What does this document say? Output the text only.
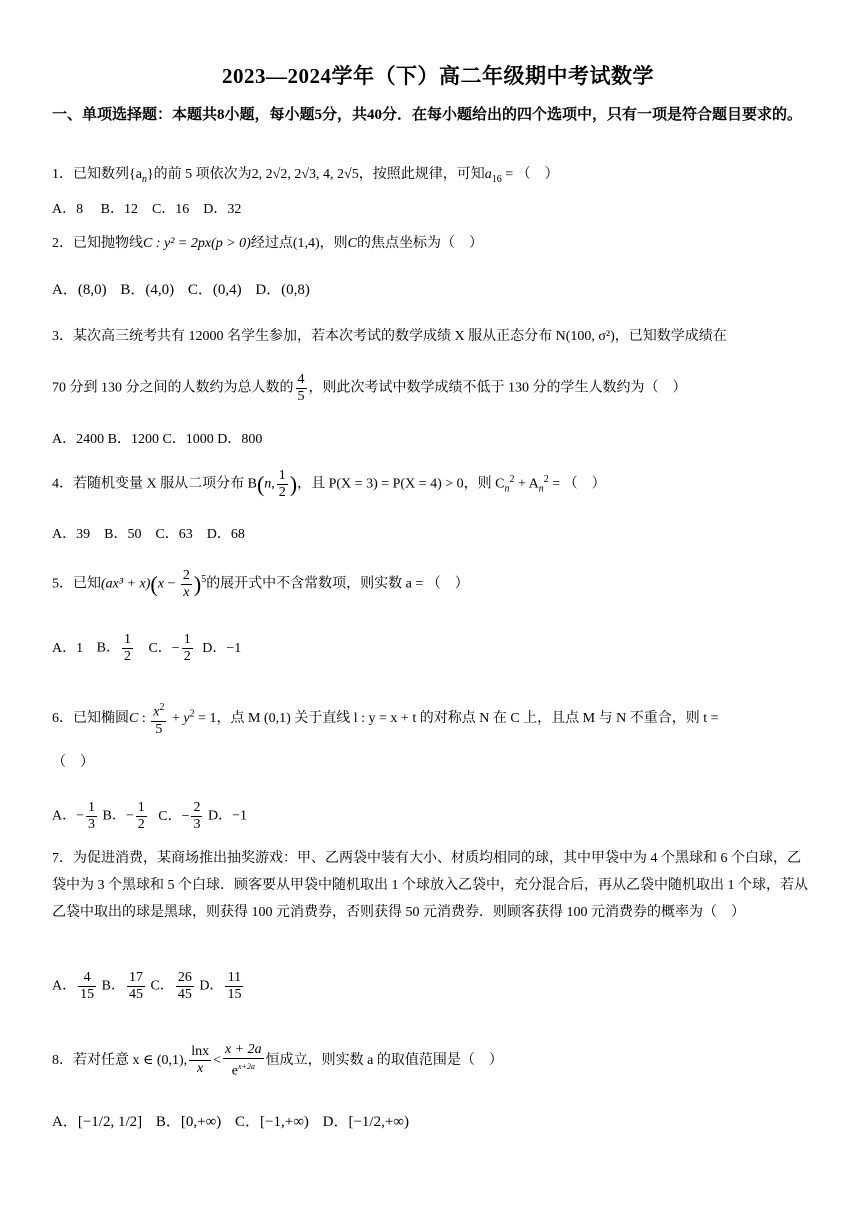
2023—2024学年（下）高二年级期中考试数学
一、单项选择题：本题共8小题，每小题5分，共40分．在每小题给出的四个选项中，只有一项是符合题目要求的。
1．已知数列$\{a_n\}$的前 5 项依次为2, 2√2, 2√3, 4, 2√5，按照此规律，可知$a_{16}$ = （　）
A．8　 B．12　C．16　D．32
2．已知抛物线C : y² = 2px(p > 0)经过点(1,4)，则C的焦点坐标为（　）
A．(8,0) B．(4,0) C．(0,4) D．(0,8)
3．某次高三统考共有 12000 名学生参加，若本次考试的数学成绩 X 服从正态分布 N(100, σ²)，已知数学成绩在
70 分到 130 分之间的人数约为总人数的 $\frac{4}{5}$ ，则此次考试中数学成绩不低于 130 分的学生人数约为（　）
A．2400 B．1200 C．1000 D．800
4．若随机变量 X 服从二项分布 B(n, $\frac{1}{2}$ )，且 P(X = 3) = P(X = 4) > 0，则 $C_n^2 + A_n^2$ = （　）
A．39　B．50　C．63　D．68
5．已知$(ax^3 + x)(x - \frac{2}{x} )^5$的展开式中不含常数项，则实数 a = （　）
A．1 B． $\frac{1}{2}$ C．− $\frac{1}{2}$ D．−1
6．已知椭圆C : $\frac{x^2}{5} + y^2 = 1$，点 M (0,1) 关于直线 l : y = x + t 的对称点 N 在 C 上，且点 M 与 N 不重合，则 t =
（　）
A．− $\frac{1}{3}$ B．− $\frac{1}{2}$ C．− $\frac{2}{3}$ D．−1
7．为促进消费，某商场推出抽奖游戏：甲、乙两袋中装有大小、材质均相同的球，其中甲袋中为 4 个黑球和 6 个白球，乙袋中为 3 个黑球和 5 个白球．顾客要从甲袋中随机取出 1 个球放入乙袋中，充分混合后，再从乙袋中随机取出 1 个球，若从乙袋中取出的球是黑球，则获得 100 元消费券，否则获得 50 元消费券．则顾客获得 100 元消费券的概率为（　）
A． $\frac{4}{15}$ B． $\frac{17}{45}$ C． $\frac{26}{45}$ D． $\frac{11}{15}$
8．若对任意 x ∈ (0,1), $\frac{\ln x}{x} < \frac{x + 2a}{e^{x+2a}}$ 恒成立，则实数 a 的取值范围是（　）
A．[−1/2, 1/2] B．[0,+∞) C．[−1,+∞) D．[−1/2,+∞)
